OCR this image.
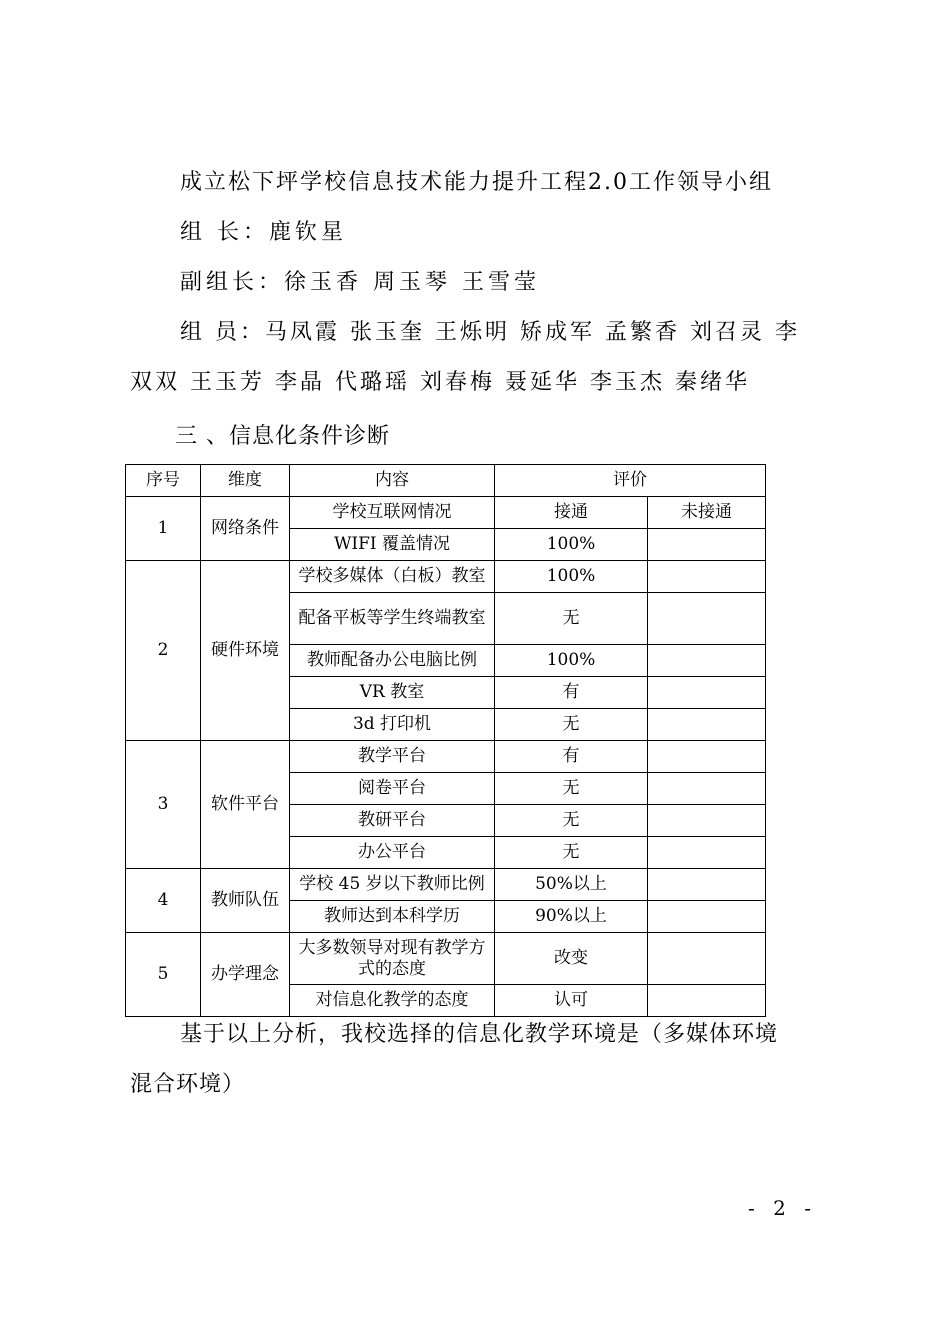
成立松下坪学校信息技术能力提升工程2.0工作领导小组
组 长：鹿钦星
副组长：徐玉香 周玉琴 王雪莹
组 员：马凤霞 张玉奎 王烁明 矫成军 孟繁香 刘召灵 李
双双 王玉芳 李晶 代璐瑶 刘春梅 聂延华 李玉杰 秦绪华
三 、信息化条件诊断
序号	维度	内容	评价	
1	网络条件	学校互联网情况	接通	未接通
		WIFI 覆盖情况	100%	
2	硬件环境	学校多媒体（白板）教室	100%	
		配备平板等学生终端教室	无	
		教师配备办公电脑比例	100%	
		VR 教室	有	
		3d 打印机	无	
3	软件平台	教学平台	有	
		阅卷平台	无	
		教研平台	无	
		办公平台	无	
4	教师队伍	学校 45 岁以下教师比例	50%以上	
		教师达到本科学历	90%以上	
5	办学理念	大多数领导对现有教学方式的态度	改变	
		对信息化教学的态度	认可	
基于以上分析，我校选择的信息化教学环境是（多媒体环境
混合环境）
- 2 -
